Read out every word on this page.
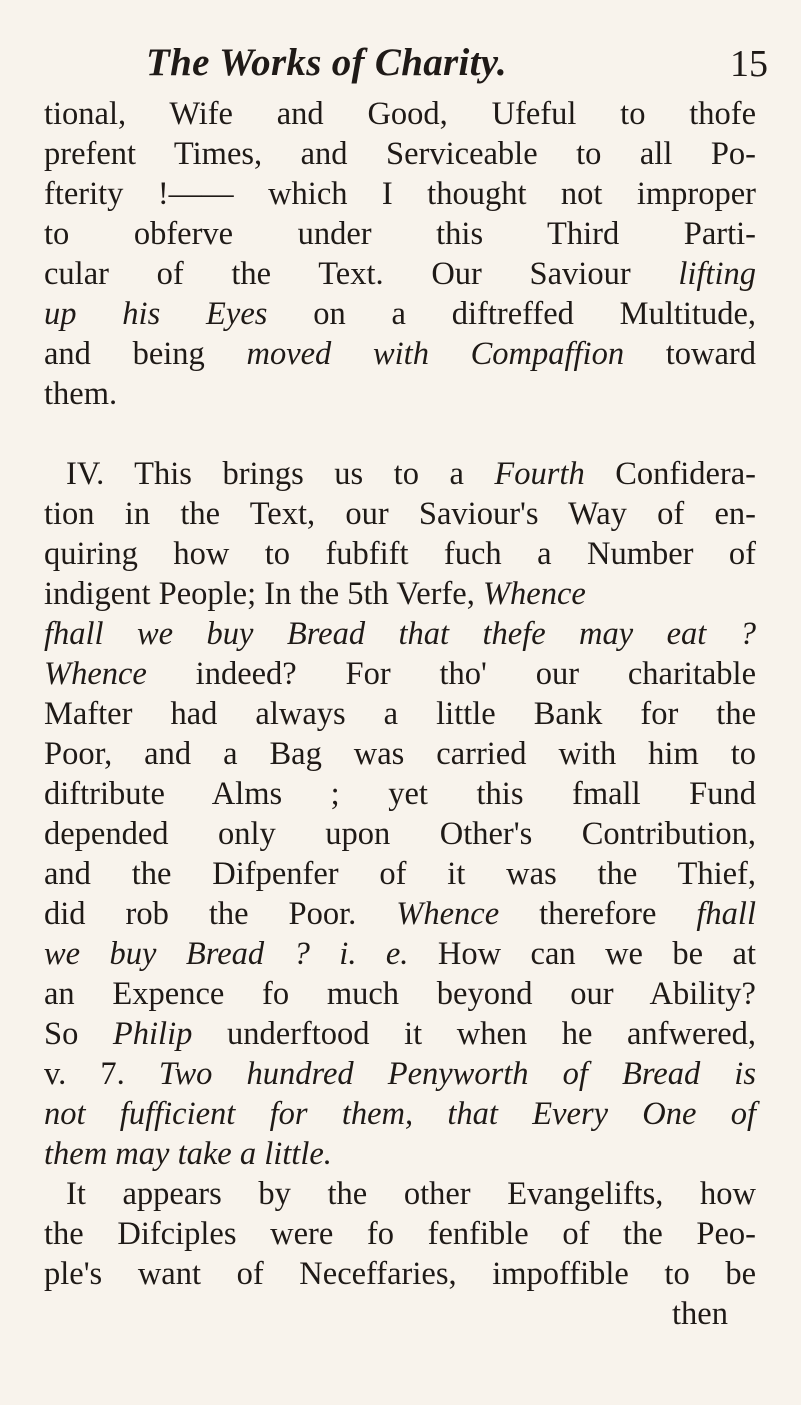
The Works of Charity.	15
tional, Wife and Good, Ufeful to thofe
prefent Times, and Serviceable to all Po-
fterity !—— which I thought not improper
to obferve under this Third Parti-
cular of the Text. Our Saviour lifting
up his Eyes on a diftreffed Multitude,
and being moved with Compaffion toward
them.
IV. This brings us to a Fourth Confidera-
tion in the Text, our Saviour's Way of en-
quiring how to fubfift fuch a Number of
indigent People; In the 5th Verfe, Whence
fhall we buy Bread that thefe may eat ?
Whence indeed? For tho' our charitable
Mafter had always a little Bank for the
Poor, and a Bag was carried with him to
diftribute Alms ; yet this fmall Fund
depended only upon Other's Contribution,
and the Difpenfer of it was the Thief,
did rob the Poor. Whence therefore fhall
we buy Bread ? i. e. How can we be at
an Expence fo much beyond our Ability?
So Philip underftood it when he anfwered,
v. 7. Two hundred Penyworth of Bread is
not fufficient for them, that Every One of
them may take a little.
It appears by the other Evangelifts, how
the Difciples were fo fenfible of the Peo-
ple's want of Neceffaries, impoffible to be
then
